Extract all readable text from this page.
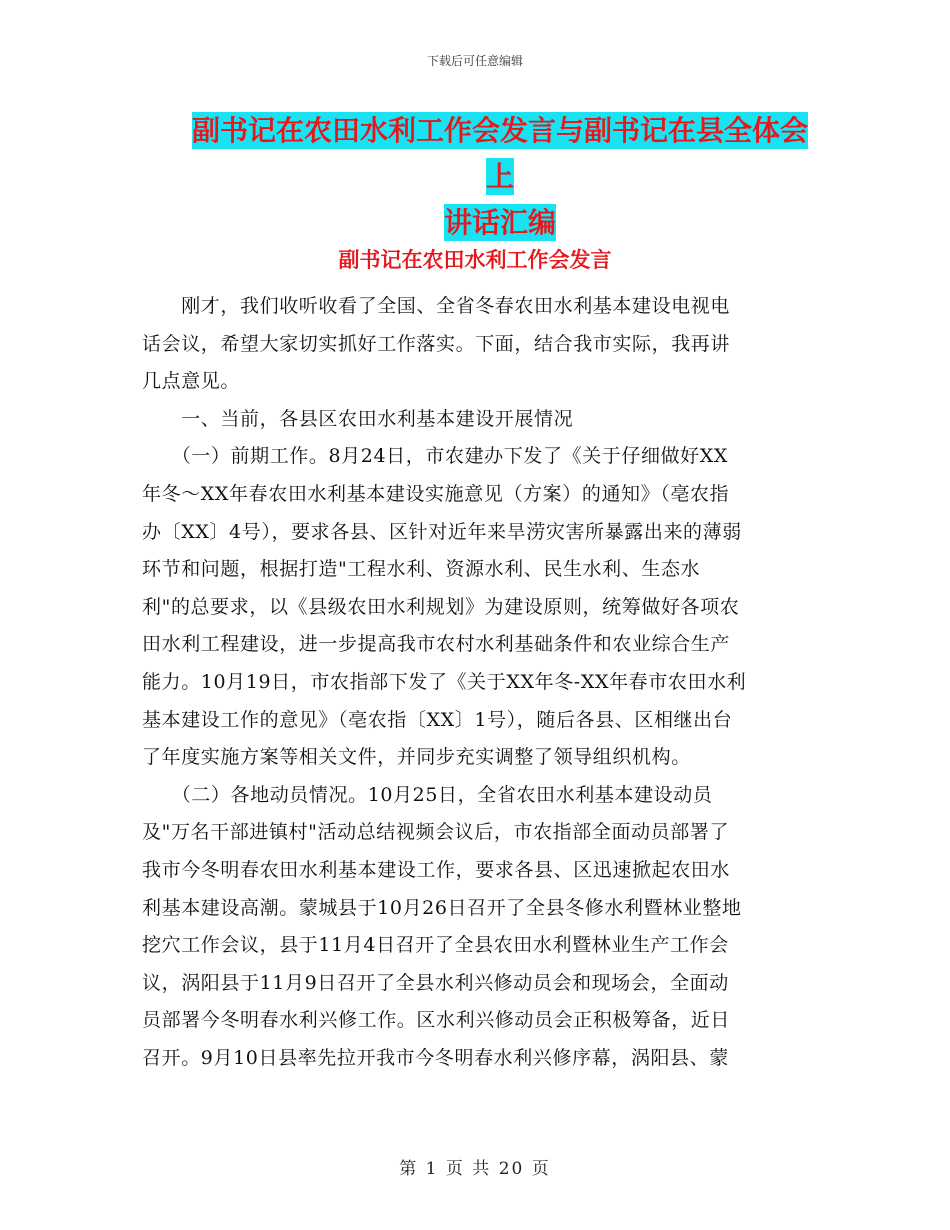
下载后可任意编辑
副书记在农田水利工作会发言与副书记在县全体会上
讲话汇编
副书记在农田水利工作会发言
　　刚才，我们收听收看了全国、全省冬春农田水利基本建设电视电
话会议，希望大家切实抓好工作落实。下面，结合我市实际，我再讲
几点意见。
　　一、当前，各县区农田水利基本建设开展情况
　　（一）前期工作。8月24日，市农建办下发了《关于仔细做好XX
年冬～XX年春农田水利基本建设实施意见（方案）的通知》（亳农指
办〔XX〕4号），要求各县、区针对近年来旱涝灾害所暴露出来的薄弱
环节和问题，根据打造"工程水利、资源水利、民生水利、生态水
利"的总要求，以《县级农田水利规划》为建设原则，统筹做好各项农
田水利工程建设，进一步提高我市农村水利基础条件和农业综合生产
能力。10月19日，市农指部下发了《关于XX年冬-XX年春市农田水利
基本建设工作的意见》（亳农指〔XX〕1号），随后各县、区相继出台
了年度实施方案等相关文件，并同步充实调整了领导组织机构。
　　（二）各地动员情况。10月25日，全省农田水利基本建设动员
及"万名干部进镇村"活动总结视频会议后，市农指部全面动员部署了
我市今冬明春农田水利基本建设工作，要求各县、区迅速掀起农田水
利基本建设高潮。蒙城县于10月26日召开了全县冬修水利暨林业整地
挖穴工作会议，县于11月4日召开了全县农田水利暨林业生产工作会
议，涡阳县于11月9日召开了全县水利兴修动员会和现场会，全面动
员部署今冬明春水利兴修工作。区水利兴修动员会正积极筹备，近日
召开。9月10日县率先拉开我市今冬明春水利兴修序幕，涡阳县、蒙
第 1 页 共 20 页
